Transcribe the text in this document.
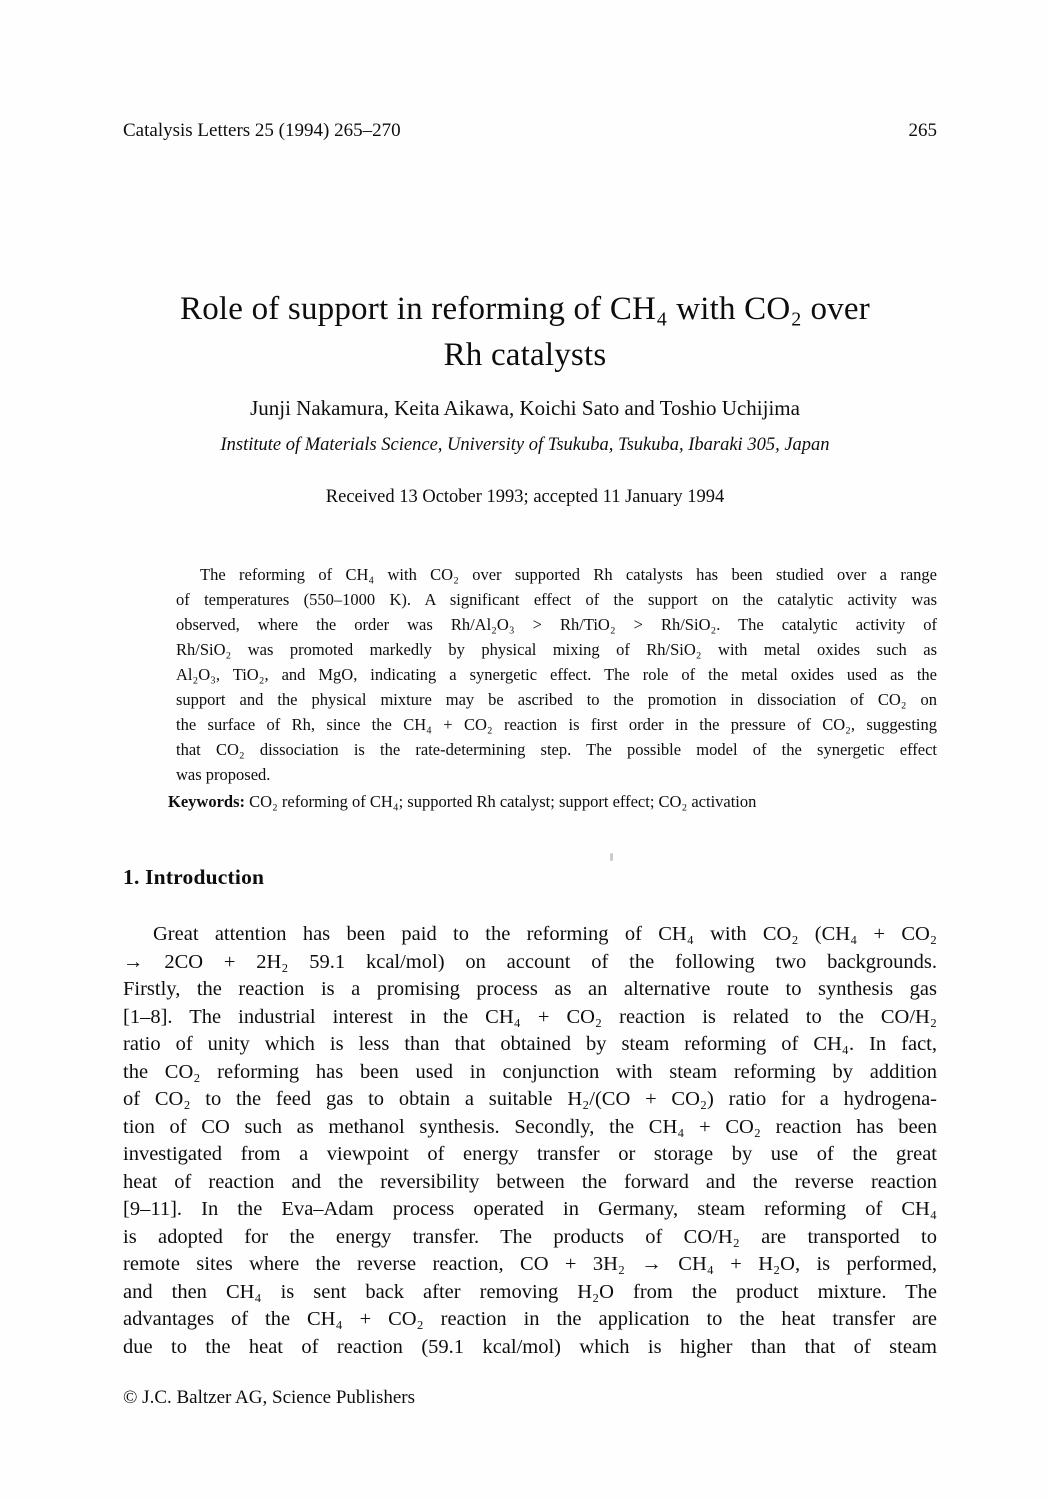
Catalysis Letters 25 (1994) 265–270	265
Role of support in reforming of CH₄ with CO₂ over
Rh catalysts
Junji Nakamura, Keita Aikawa, Koichi Sato and Toshio Uchijima
Institute of Materials Science, University of Tsukuba, Tsukuba, Ibaraki 305, Japan
Received 13 October 1993; accepted 11 January 1994
The reforming of CH₄ with CO₂ over supported Rh catalysts has been studied over a range
of temperatures (550–1000 K). A significant effect of the support on the catalytic activity was
observed, where the order was Rh/Al₂O₃ > Rh/TiO₂ > Rh/SiO₂. The catalytic activity of
Rh/SiO₂ was promoted markedly by physical mixing of Rh/SiO₂ with metal oxides such as
Al₂O₃, TiO₂, and MgO, indicating a synergetic effect. The role of the metal oxides used as the
support and the physical mixture may be ascribed to the promotion in dissociation of CO₂ on
the surface of Rh, since the CH₄ + CO₂ reaction is first order in the pressure of CO₂, suggesting
that CO₂ dissociation is the rate-determining step. The possible model of the synergetic effect
was proposed.
Keywords: CO₂ reforming of CH₄; supported Rh catalyst; support effect; CO₂ activation
1. Introduction
Great attention has been paid to the reforming of CH₄ with CO₂ (CH₄ + CO₂
→ 2CO + 2H₂ 59.1 kcal/mol) on account of the following two backgrounds.
Firstly, the reaction is a promising process as an alternative route to synthesis gas
[1–8]. The industrial interest in the CH₄ + CO₂ reaction is related to the CO/H₂
ratio of unity which is less than that obtained by steam reforming of CH₄. In fact,
the CO₂ reforming has been used in conjunction with steam reforming by addition
of CO₂ to the feed gas to obtain a suitable H₂/(CO + CO₂) ratio for a hydrogena-
tion of CO such as methanol synthesis. Secondly, the CH₄ + CO₂ reaction has been
investigated from a viewpoint of energy transfer or storage by use of the great
heat of reaction and the reversibility between the forward and the reverse reaction
[9–11]. In the Eva–Adam process operated in Germany, steam reforming of CH₄
is adopted for the energy transfer. The products of CO/H₂ are transported to
remote sites where the reverse reaction, CO + 3H₂ → CH₄ + H₂O, is performed,
and then CH₄ is sent back after removing H₂O from the product mixture. The
advantages of the CH₄ + CO₂ reaction in the application to the heat transfer are
due to the heat of reaction (59.1 kcal/mol) which is higher than that of steam
© J.C. Baltzer AG, Science Publishers
